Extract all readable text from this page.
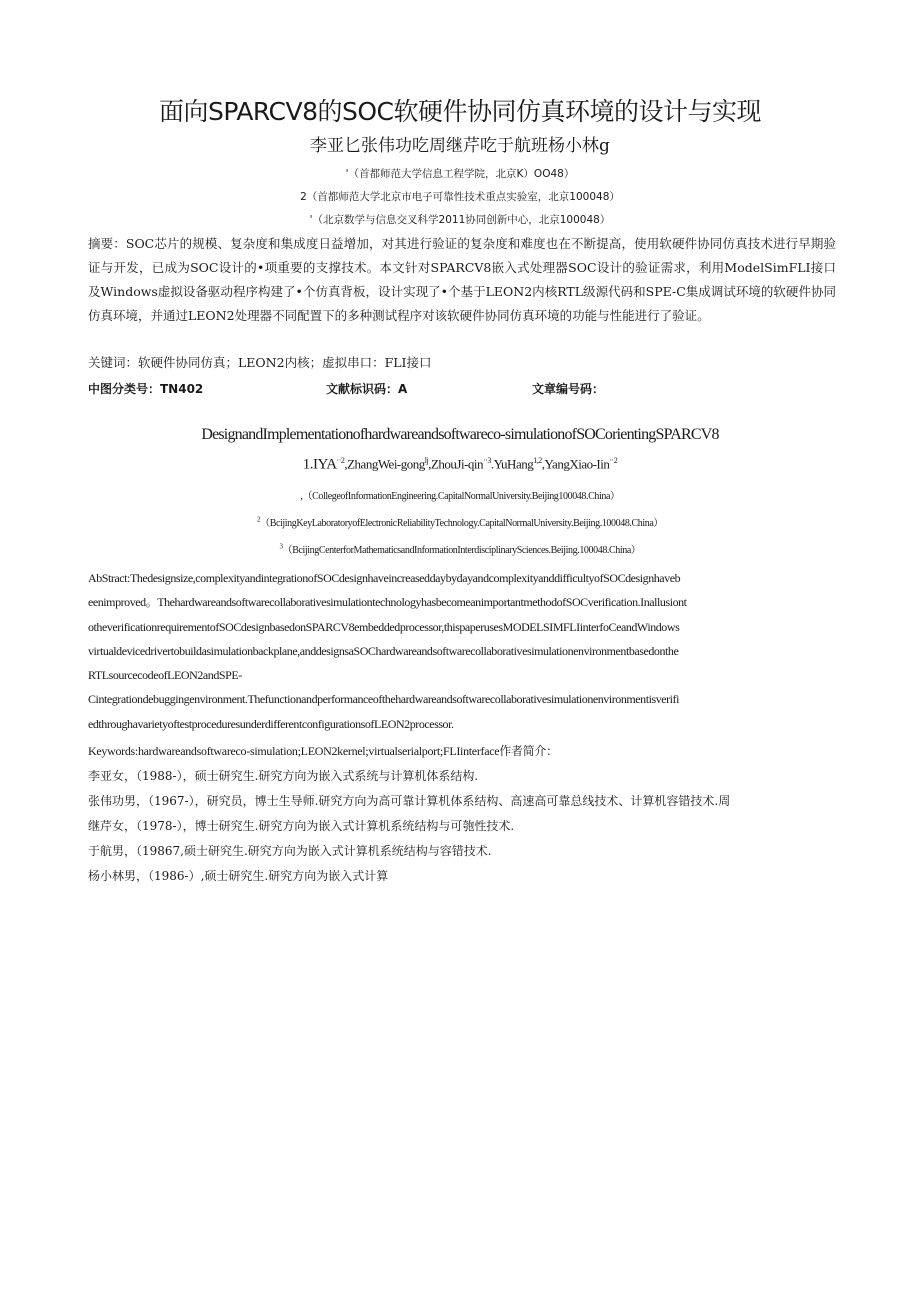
面向SPARCV8的SOC软硬件协同仿真环境的设计与实现
李亚匕张伟功吃周继芹吃于航班杨小林g
'（首都师范大学信息工程学院，北京K）OO48）
2（首都师范大学北京市电子可靠性技术重点实验室，北京100048）
'（北京数学与信息交叉科学2011协同创新中心，北京100048）
摘要：SOC芯片的规模、复杂度和集成度日益增加，对其进行验证的复杂度和难度也在不断提高，使用软硬件协同仿真技术进行早期验证与开发，已成为SOC设计的•项重要的支撑技术。本文针对SPARCV8嵌入式处理器SOC设计的验证需求，利用ModelSimFLI接口及Windows虚拟设备驱动程序构建了•个仿真背板，设计实现了•个基于LEON2内核RTL级源代码和SPE-C集成调试环境的软硬件协同仿真环境，并通过LEON2处理器不同配置下的多种测试程序对该软硬件协同仿真环境的功能与性能进行了验证。
关键词：软硬件协同仿真；LEON2内核；虚拟串口：FLI接口
中图分类号：TN402	文献标识码：A	文章编号码：
DesignandImplementationofhardwareandsoftwareco-simulationofSOCorientingSPARCV8
$1.IYA^{\cdot\cdot 2},ZhangWei-gong^{lj},ZhouJi-qin^{\cdot\cdot 3}.YuHang^{1,2},YangXiao-Iin^{\cdot\cdot 2}$
,（CollegeofInformationEngineering.CapitalNormalUniversity.Beijing100048.China）
$^2$（BcijingKeyLaboratoryofElectronicReliabilityTechnology.CapitalNormalUniversity.Beijing.100048.China）
$^3$（BcijingCenterforMathematicsandInformationInterdisciplinarySciences.Beijing.100048.China）
AbStract:Thedesignsize,complexityandintegrationofSOCdesignhaveincreaseddaybydayandcomplexityanddifficultyofSOCdesignhaveb
eenimproved。ThehardwareandsoftwarecollaborativesimulationtechnologyhasbecomeanimportantmethodofSOCverification.Inallusiont
otheverificationrequirementofSOCdesignbasedonSPARCV8embeddedprocessor,thispaperusesMODELSIMFLIinterfoCeandWindows
virtualdevicedrivertobuildasimulationbackplane,anddesignsaSOChardwareandsoftwarecollaborativesimulationenvironmentbasedonthe
RTLsourcecodeofLEON2andSPE-
Cintegrationdebuggingenvironment.Thefunctionandperformanceofthehardwareandsoftwarecollaborativesimulationenvironmentisverifi
edthroughavarietyoftestproceduresunderdifferentconfigurationsofLEON2processor.
Keywords:hardwareandsoftwareco-simulation;LEON2kernel;virtualserialport;FLIinterface作者简介：
李亚女，（1988-），硕士研究生.研究方向为嵌入式系统与计算机体系结构.
张伟功男，（1967-），研究员，博士生导师.研究方向为高可靠计算机体系结构、高速高可靠总线技术、计算机容错技术.周
继芹女，（1978-），博士研究生.研究方向为嵌入式计算机系统结构与可匏性技术.
于航男，（19867,硕士研究生.研究方向为嵌入式计算机系统结构与容错技术.
杨小林男，（1986-）,硕士研究生.研究方向为嵌入式计算
